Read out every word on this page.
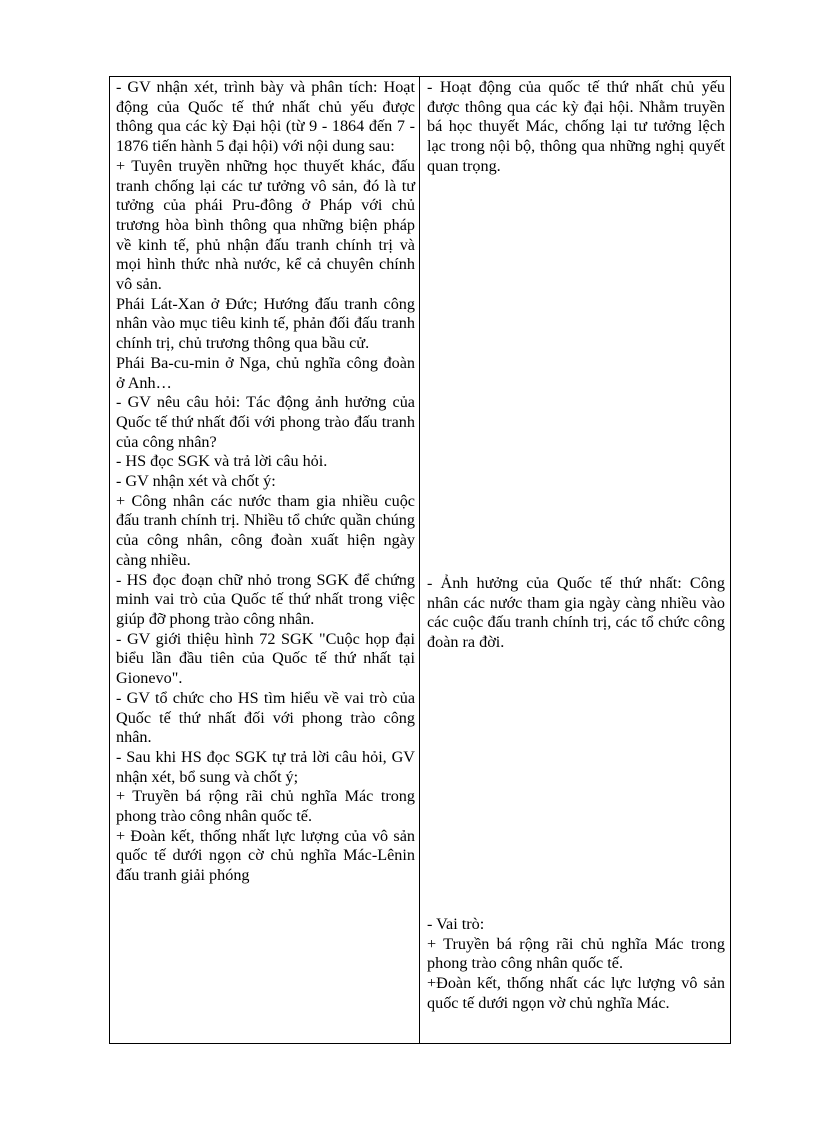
- GV nhận xét, trình bày và phân tích: Hoạt động của Quốc tế thứ nhất chủ yếu được thông qua các kỳ Đại hội (từ 9 - 1864 đến 7 - 1876 tiến hành 5 đại hội) với nội dung sau:

+ Tuyên truyền những học thuyết khác, đấu tranh chống lại các tư tưởng vô sản, đó là tư tưởng của phái Pru-đông ở Pháp với chủ trương hòa bình thông qua những biện pháp về kinh tế, phủ nhận đấu tranh chính trị và mọi hình thức nhà nước, kể cả chuyên chính vô sản.

Phái Lát-Xan ở Đức; Hướng đấu tranh công nhân vào mục tiêu kinh tế, phản đối đấu tranh chính trị, chủ trương thông qua bầu cử.

Phái Ba-cu-min ở Nga, chủ nghĩa công đoàn ở Anh…

- GV nêu câu hỏi: Tác động ảnh hưởng của Quốc tế thứ nhất đối với phong trào đấu tranh của công nhân?

- HS đọc SGK và trả lời câu hỏi.

- GV nhận xét và chốt ý:

+ Công nhân các nước tham gia nhiều cuộc đấu tranh chính trị. Nhiều tổ chức quần chúng của công nhân, công đoàn xuất hiện ngày càng nhiều.

- HS đọc đoạn chữ nhỏ trong SGK để chứng minh vai trò của Quốc tế thứ nhất trong việc giúp đỡ phong trào công nhân.

- GV giới thiệu hình 72 SGK "Cuộc họp đại biểu lần đầu tiên của Quốc tế thứ nhất tại Gionevo".

- GV tổ chức cho HS tìm hiểu về vai trò của Quốc tế thứ nhất đối với phong trào công nhân.

- Sau khi HS đọc SGK tự trả lời câu hỏi, GV nhận xét, bổ sung và chốt ý;

+ Truyền bá rộng rãi chủ nghĩa Mác trong phong trào công nhân quốc tế.

+ Đoàn kết, thống nhất lực lượng của vô sản quốc tế dưới ngọn cờ chủ nghĩa Mác-Lênin đấu tranh giải phóng

- Hoạt động của quốc tế thứ nhất chủ yếu được thông qua các kỳ đại hội. Nhằm truyền bá học thuyết Mác, chống lại tư tưởng lệch lạc trong nội bộ, thông qua những nghị quyết quan trọng.

- Ảnh hưởng của Quốc tế thứ nhất: Công nhân các nước tham gia ngày càng nhiều vào các cuộc đấu tranh chính trị, các tổ chức công đoàn ra đời.

- Vai trò:

+ Truyền bá rộng rãi chủ nghĩa Mác trong phong trào công nhân quốc tế.

+Đoàn kết, thống nhất các lực lượng vô sản quốc tế dưới ngọn vờ chủ nghĩa Mác.
